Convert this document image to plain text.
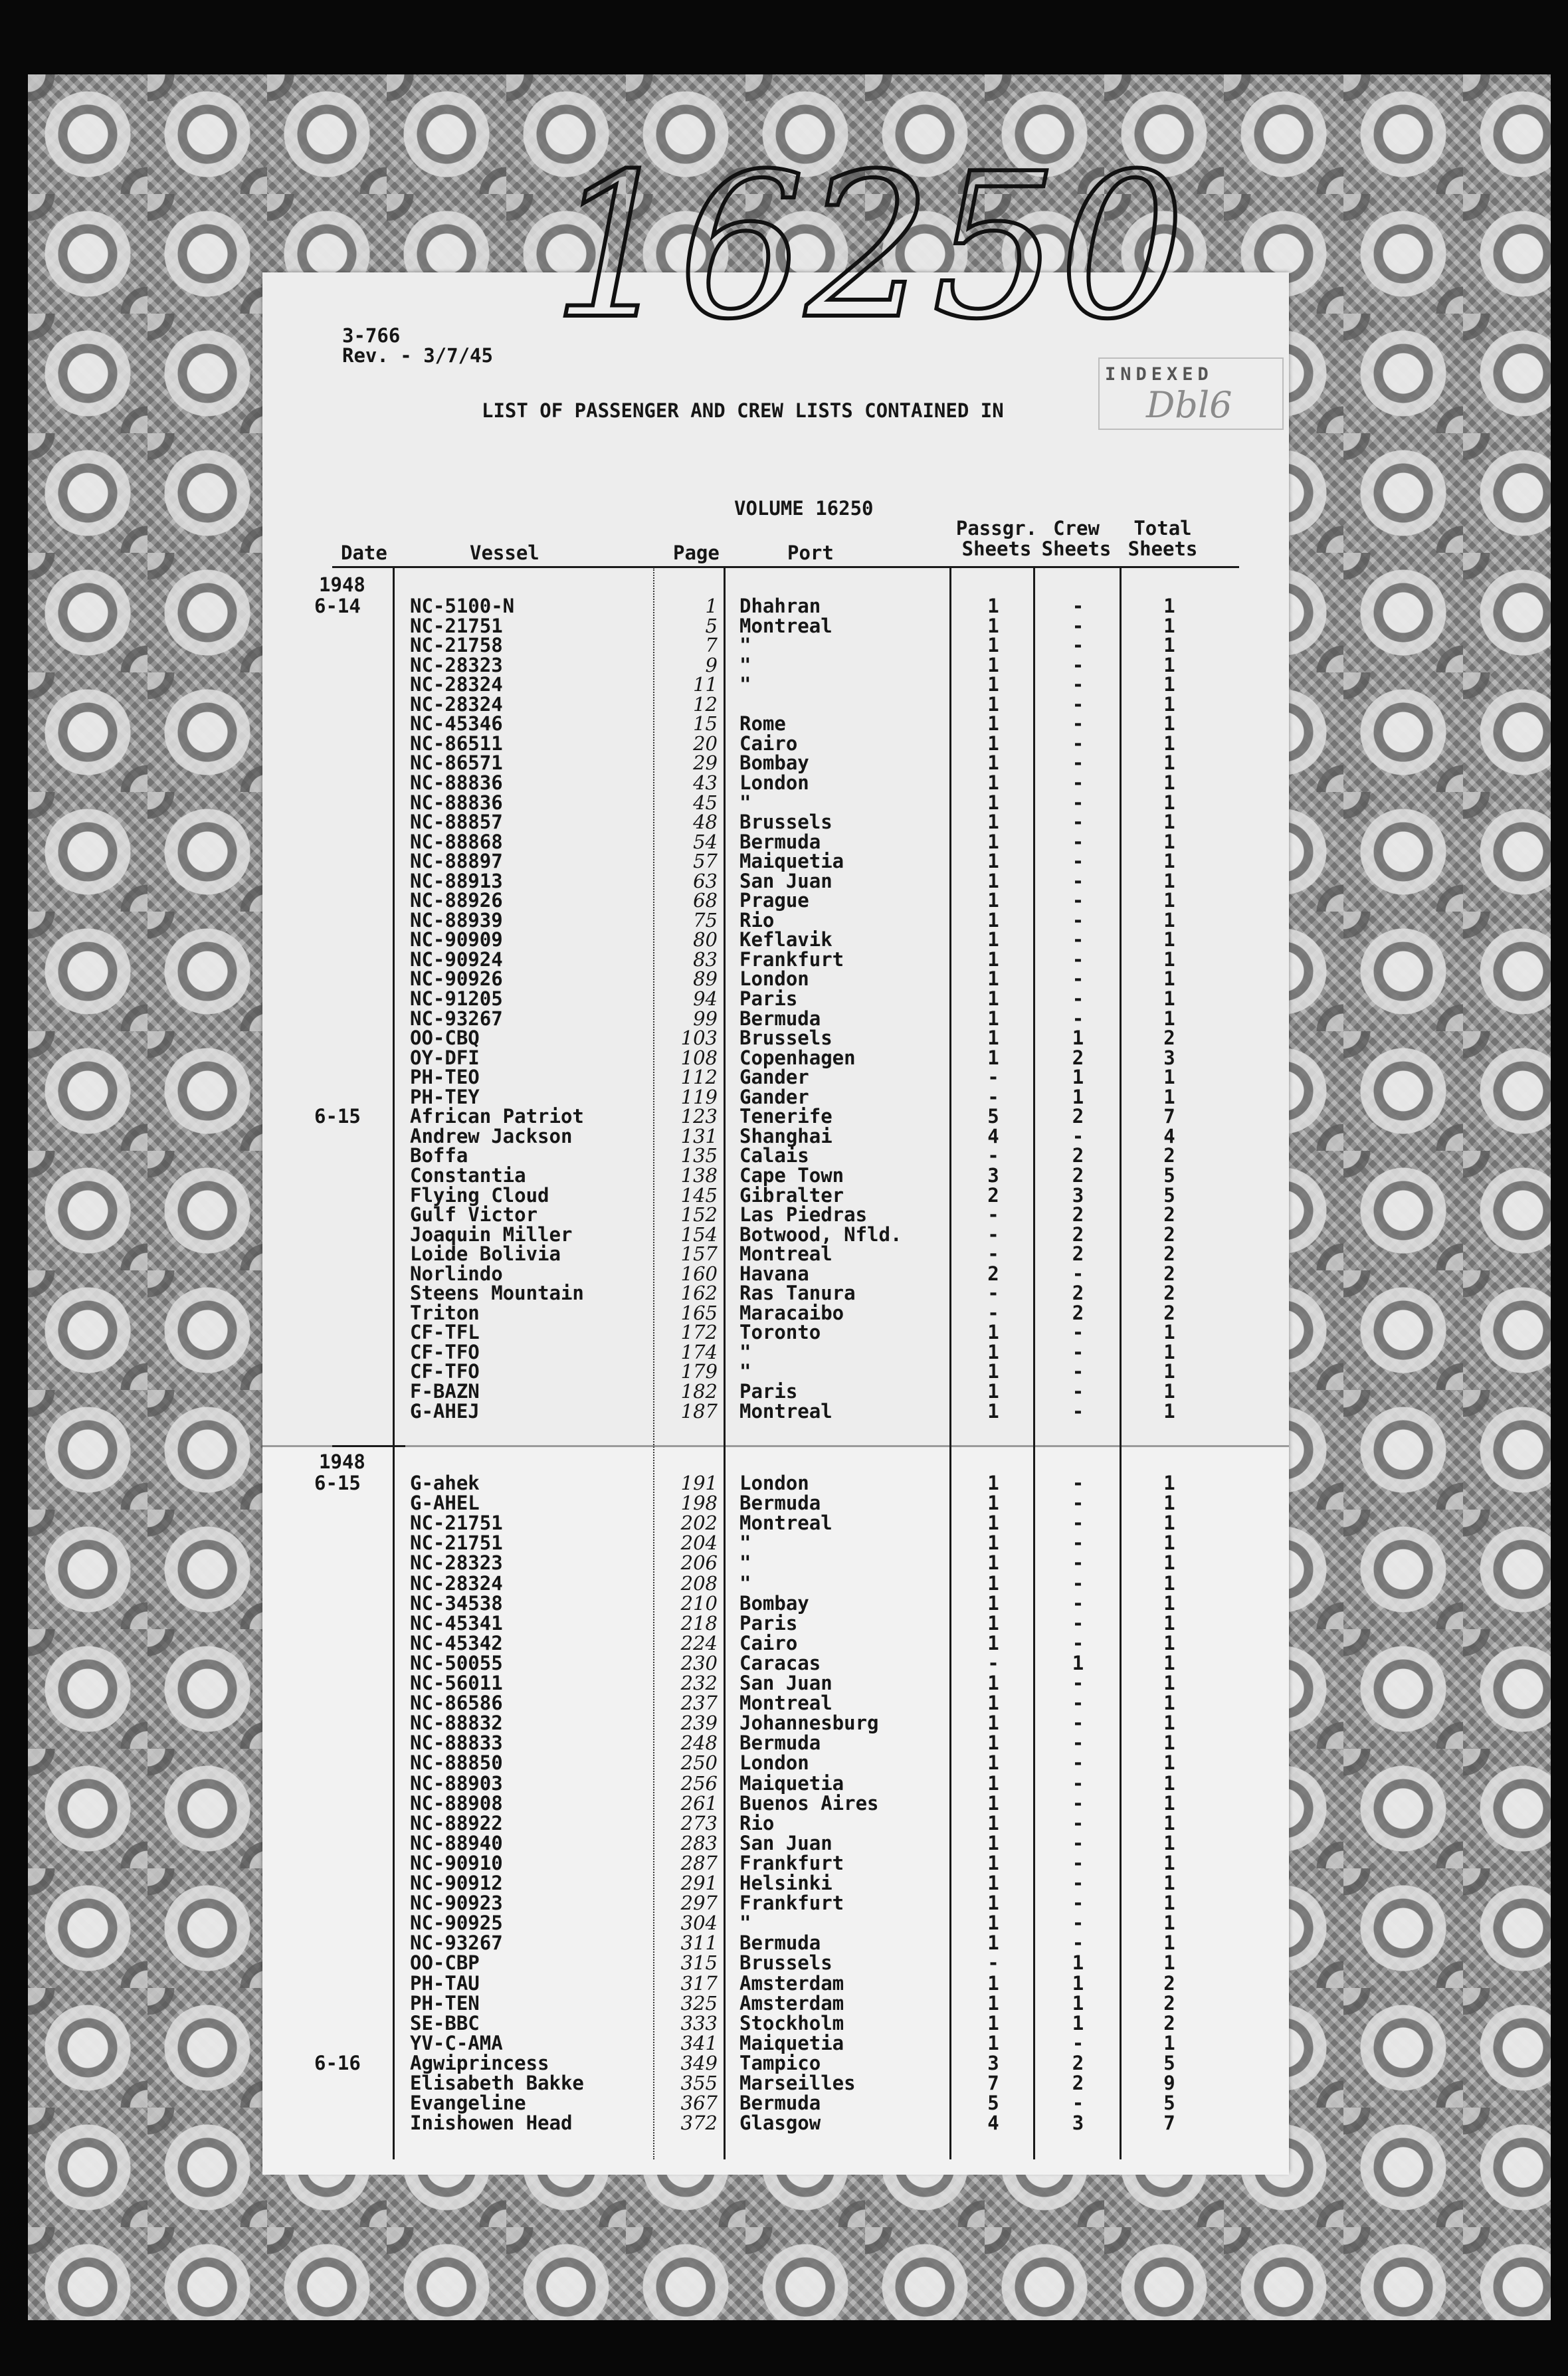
3-766
Rev. - 3/7/45
INDEXED
Dbl6
LIST OF PASSENGER AND CREW LISTS CONTAINED IN
VOLUME 16250
Date	Vessel	Page	Port
Passgr. Sheets
Crew Sheets
Total Sheets
1948
6-14	NC-5100-N	1 Dhahran	1	-	1
NC-21751	5 Montreal	1	-	1
NC-21758	7 "	1	-	1
NC-28323	9 "	1	-	1
NC-28324	11 "	1	-	1
NC-28324	12	1	-	1
NC-45346	15 Rome	1	-	1
NC-86511	20 Cairo	1	-	1
NC-86571	29 Bombay	1	-	1
NC-88836	43 London	1	-	1
NC-88836	45 "	1	-	1
NC-88857	48 Brussels	1	-	1
NC-88868	54 Bermuda	1	-	1
NC-88897	57 Maiquetia	1	-	1
NC-88913	63 San Juan	1	-	1
NC-88926	68 Prague	1	-	1
NC-88939	75 Rio	1	-	1
NC-90909	80 Keflavik	1	-	1
NC-90924	83 Frankfurt	1	-	1
NC-90926	89 London	1	-	1
NC-91205	94 Paris	1	-	1
NC-93267	99 Bermuda	1	-	1
OO-CBQ	103 Brussels	1	1	2
OY-DFI	108 Copenhagen	1	2	3
PH-TEO	112 Gander	-	1	1
PH-TEY	119 Gander	-	1	1
6-15	African Patriot	123 Tenerife	5	2	7
Andrew Jackson	131 Shanghai	4	-	4
Boffa	135 Calais	-	2	2
Constantia	138 Cape Town	3	2	5
Flying Cloud	145 Gibralter	2	3	5
Gulf Victor	152 Las Piedras	-	2	2
Joaquin Miller	154 Botwood, Nfld.	-	2	2
Loide Bolivia	157 Montreal	-	2	2
Norlindo	160 Havana	2	-	2
Steens Mountain	162 Ras Tanura	-	2	2
Triton	165 Maracaibo	-	2	2
CF-TFL	172 Toronto	1	-	1
CF-TFO	174 "	1	-	1
CF-TFO	179 "	1	-	1
F-BAZN	182 Paris	1	-	1
G-AHEJ	187 Montreal	1	-	1
1948
6-15	G-ahek	191 London	1	-	1
G-AHEL	198 Bermuda	1	-	1
NC-21751	202 Montreal	1	-	1
NC-21751	204 "	1	-	1
NC-28323	206 "	1	-	1
NC-28324	208 "	1	-	1
NC-34538	210 Bombay	1	-	1
NC-45341	218 Paris	1	-	1
NC-45342	224 Cairo	1	-	1
NC-50055	230 Caracas	-	1	1
NC-56011	232 San Juan	1	-	1
NC-86586	237 Montreal	1	-	1
NC-88832	239 Johannesburg	1	-	1
NC-88833	248 Bermuda	1	-	1
NC-88850	250 London	1	-	1
NC-88903	256 Maiquetia	1	-	1
NC-88908	261 Buenos Aires	1	-	1
NC-88922	273 Rio	1	-	1
NC-88940	283 San Juan	1	-	1
NC-90910	287 Frankfurt	1	-	1
NC-90912	291 Helsinki	1	-	1
NC-90923	297 Frankfurt	1	-	1
NC-90925	304 "	1	-	1
NC-93267	311 Bermuda	1	-	1
OO-CBP	315 Brussels	-	1	1
PH-TAU	317 Amsterdam	1	1	2
PH-TEN	325 Amsterdam	1	1	2
SE-BBC	333 Stockholm	1	1	2
YV-C-AMA	341 Maiquetia	1	-	1
6-16	Agwiprincess	349 Tampico	3	2	5
Elisabeth Bakke	355 Marseilles	7	2	9
Evangeline	367 Bermuda	5	-	5
Inishowen Head	372 Glasgow	4	3	7
16250
